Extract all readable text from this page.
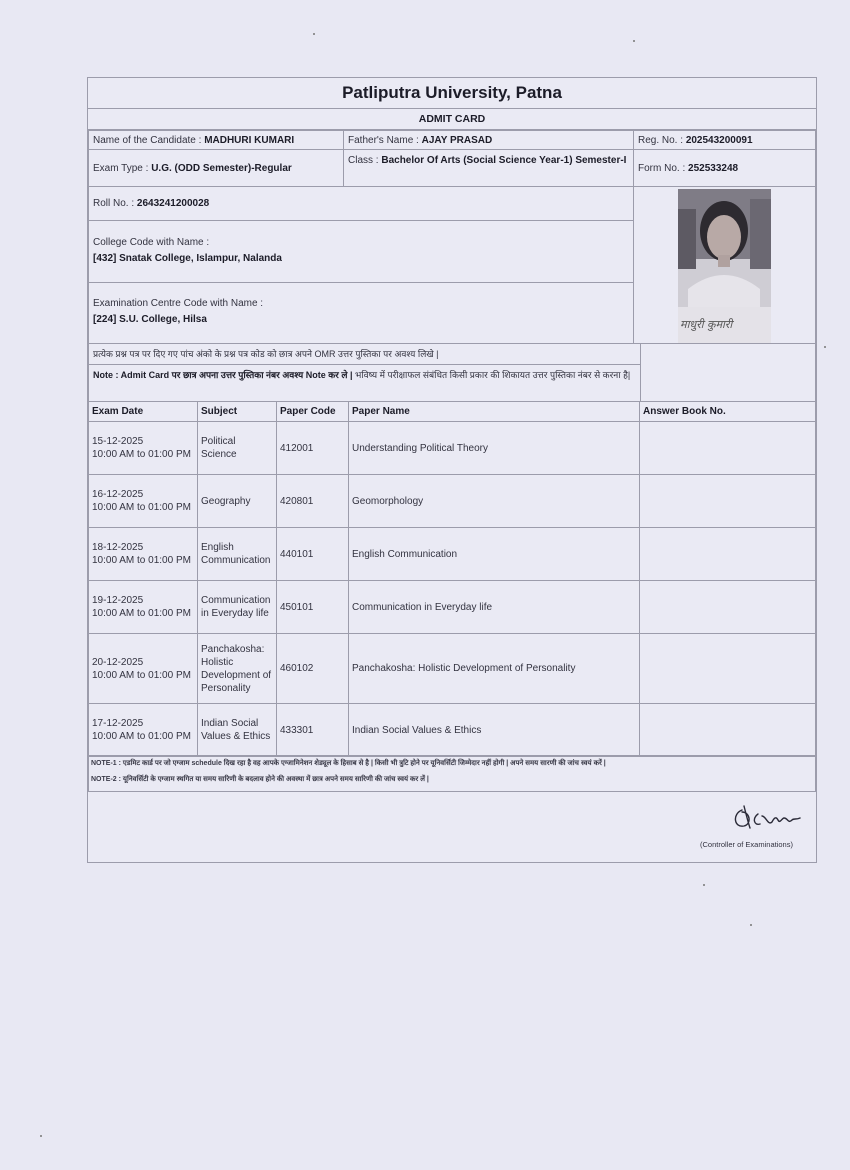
Patliputra University, Patna
ADMIT CARD
Name of the Candidate : MADHURI KUMARI	Father's Name : AJAY PRASAD	Reg. No. : 202543200091
Exam Type : U.G. (ODD Semester)-Regular
Class : Bachelor Of Arts (Social Science Year-1) Semester-I
Form No. : 252533248
Roll No. : 2643241200028
College Code with Name :
[432] Snatak College, Islampur, Nalanda
Examination Centre Code with Name :
[224] S.U. College, Hilsa	माधुरी कुमारी
प्रत्येक प्रश्न पत्र पर दिए गए पांच अंको के प्रश्न पत्र कोड को छात्र अपने OMR उत्तर पुस्तिका पर अवश्य लिखे |
Note : Admit Card पर छात्र अपना उत्तर पुस्तिका नंबर अवश्य Note कर ले | भविष्य में परीक्षाफल संबंधित किसी प्रकार की शिकायत उत्तर पुस्तिका नंबर से करना है|
Exam Date	Subject	Paper Code	Paper Name	Answer Book No.

15-12-2025
10:00 AM to 01:00 PM	Political Science	412001	Understanding Political Theory	

16-12-2025
10:00 AM to 01:00 PM	Geography	420801	Geomorphology	

18-12-2025
10:00 AM to 01:00 PM	English Communication	440101	English Communication	

19-12-2025
10:00 AM to 01:00 PM	Communication in Everyday life	450101	Communication in Everyday life	

20-12-2025
10:00 AM to 01:00 PM	Panchakosha: Holistic Development of Personality	460102	Panchakosha: Holistic Development of Personality	

17-12-2025
10:00 AM to 01:00 PM	Indian Social Values & Ethics	433301	Indian Social Values & Ethics	
NOTE-1 : एडमिट कार्ड पर जो एग्जाम schedule दिख रहा है वह आपके एग्जामिनेशन शेड्यूल के हिसाब से है | किसी भी त्रुटि होने पर यूनिवर्सिटी जिम्मेदार नहीं होगी | अपने समय सारणी की जांच स्वयं करें |
NOTE-2 : यूनिवर्सिटी के एग्जाम स्थगित या समय सारिणी के बदलाव होने की अवस्था में छात्र अपने समय सारिणी की जांच स्वयं कर लें |
(Controller of Examinations)
